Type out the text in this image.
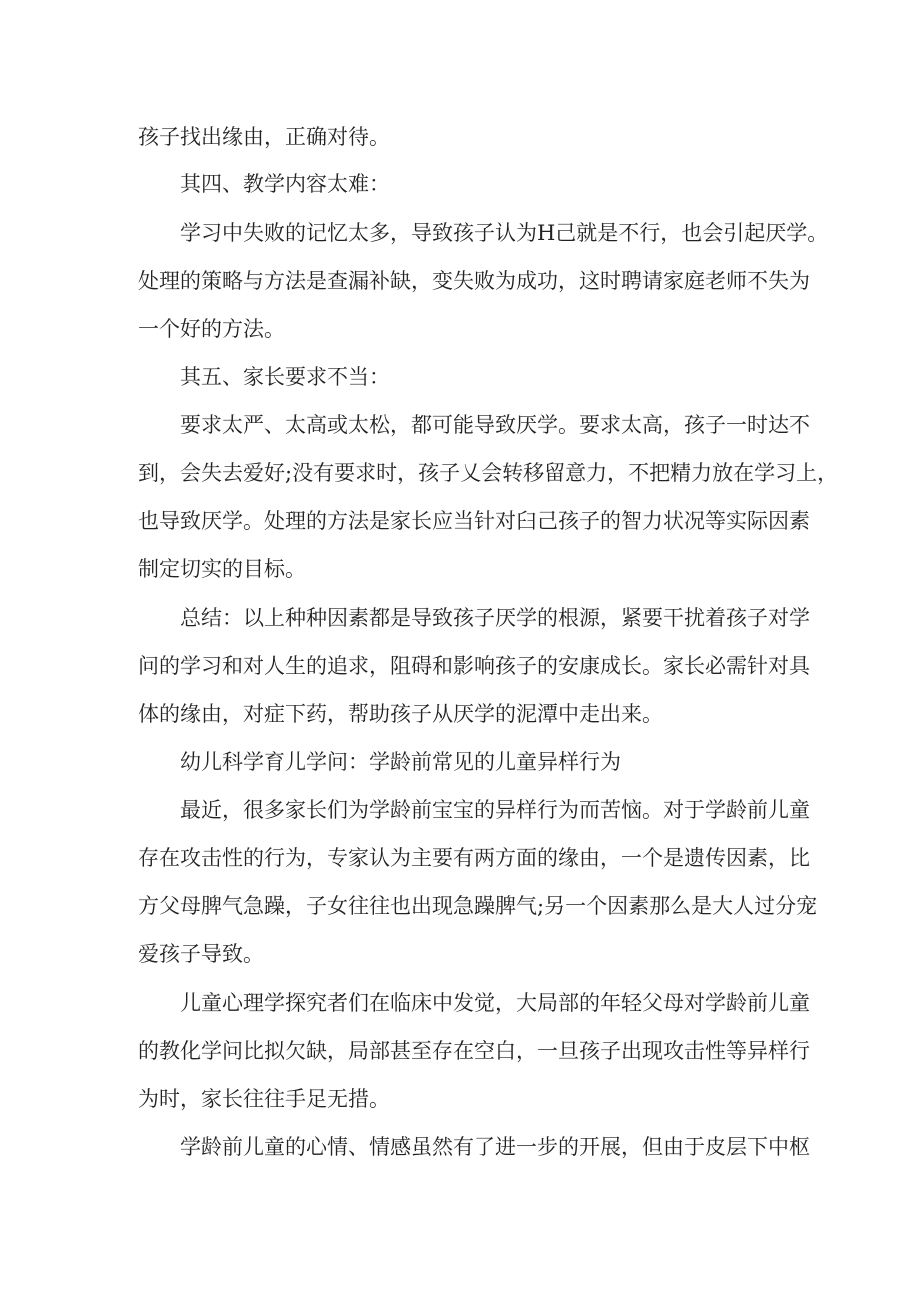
孩子找出缘由，正确对待。
其四、教学内容太难：
学习中失败的记忆太多，导致孩子认为H己就是不行，也会引起厌学。
处理的策略与方法是查漏补缺，变失败为成功，这时聘请家庭老师不失为
一个好的方法。
其五、家长要求不当：
要求太严、太高或太松，都可能导致厌学。要求太高，孩子一时达不
到，会失去爱好;没有要求时，孩子乂会转移留意力，不把精力放在学习上，
也导致厌学。处理的方法是家长应当针对臼己孩子的智力状况等实际因素
制定切实的目标。
总结：以上种种因素都是导致孩子厌学的根源，紧要干扰着孩子对学
问的学习和对人生的追求，阻碍和影响孩子的安康成长。家长必需针对具
体的缘由，对症下药，帮助孩子从厌学的泥潭中走出来。
幼儿科学育儿学问：学龄前常见的儿童异样行为
最近，很多家长们为学龄前宝宝的异样行为而苦恼。对于学龄前儿童
存在攻击性的行为，专家认为主要有两方面的缘由，一个是遗传因素，比
方父母脾气急躁，子女往往也出现急躁脾气;另一个因素那么是大人过分宠
爱孩子导致。
儿童心理学探究者们在临床中发觉，大局部的年轻父母对学龄前儿童
的教化学问比拟欠缺，局部甚至存在空白，一旦孩子出现攻击性等异样行
为时，家长往往手足无措。
学龄前儿童的心情、情感虽然有了进一步的开展，但由于皮层下中枢
